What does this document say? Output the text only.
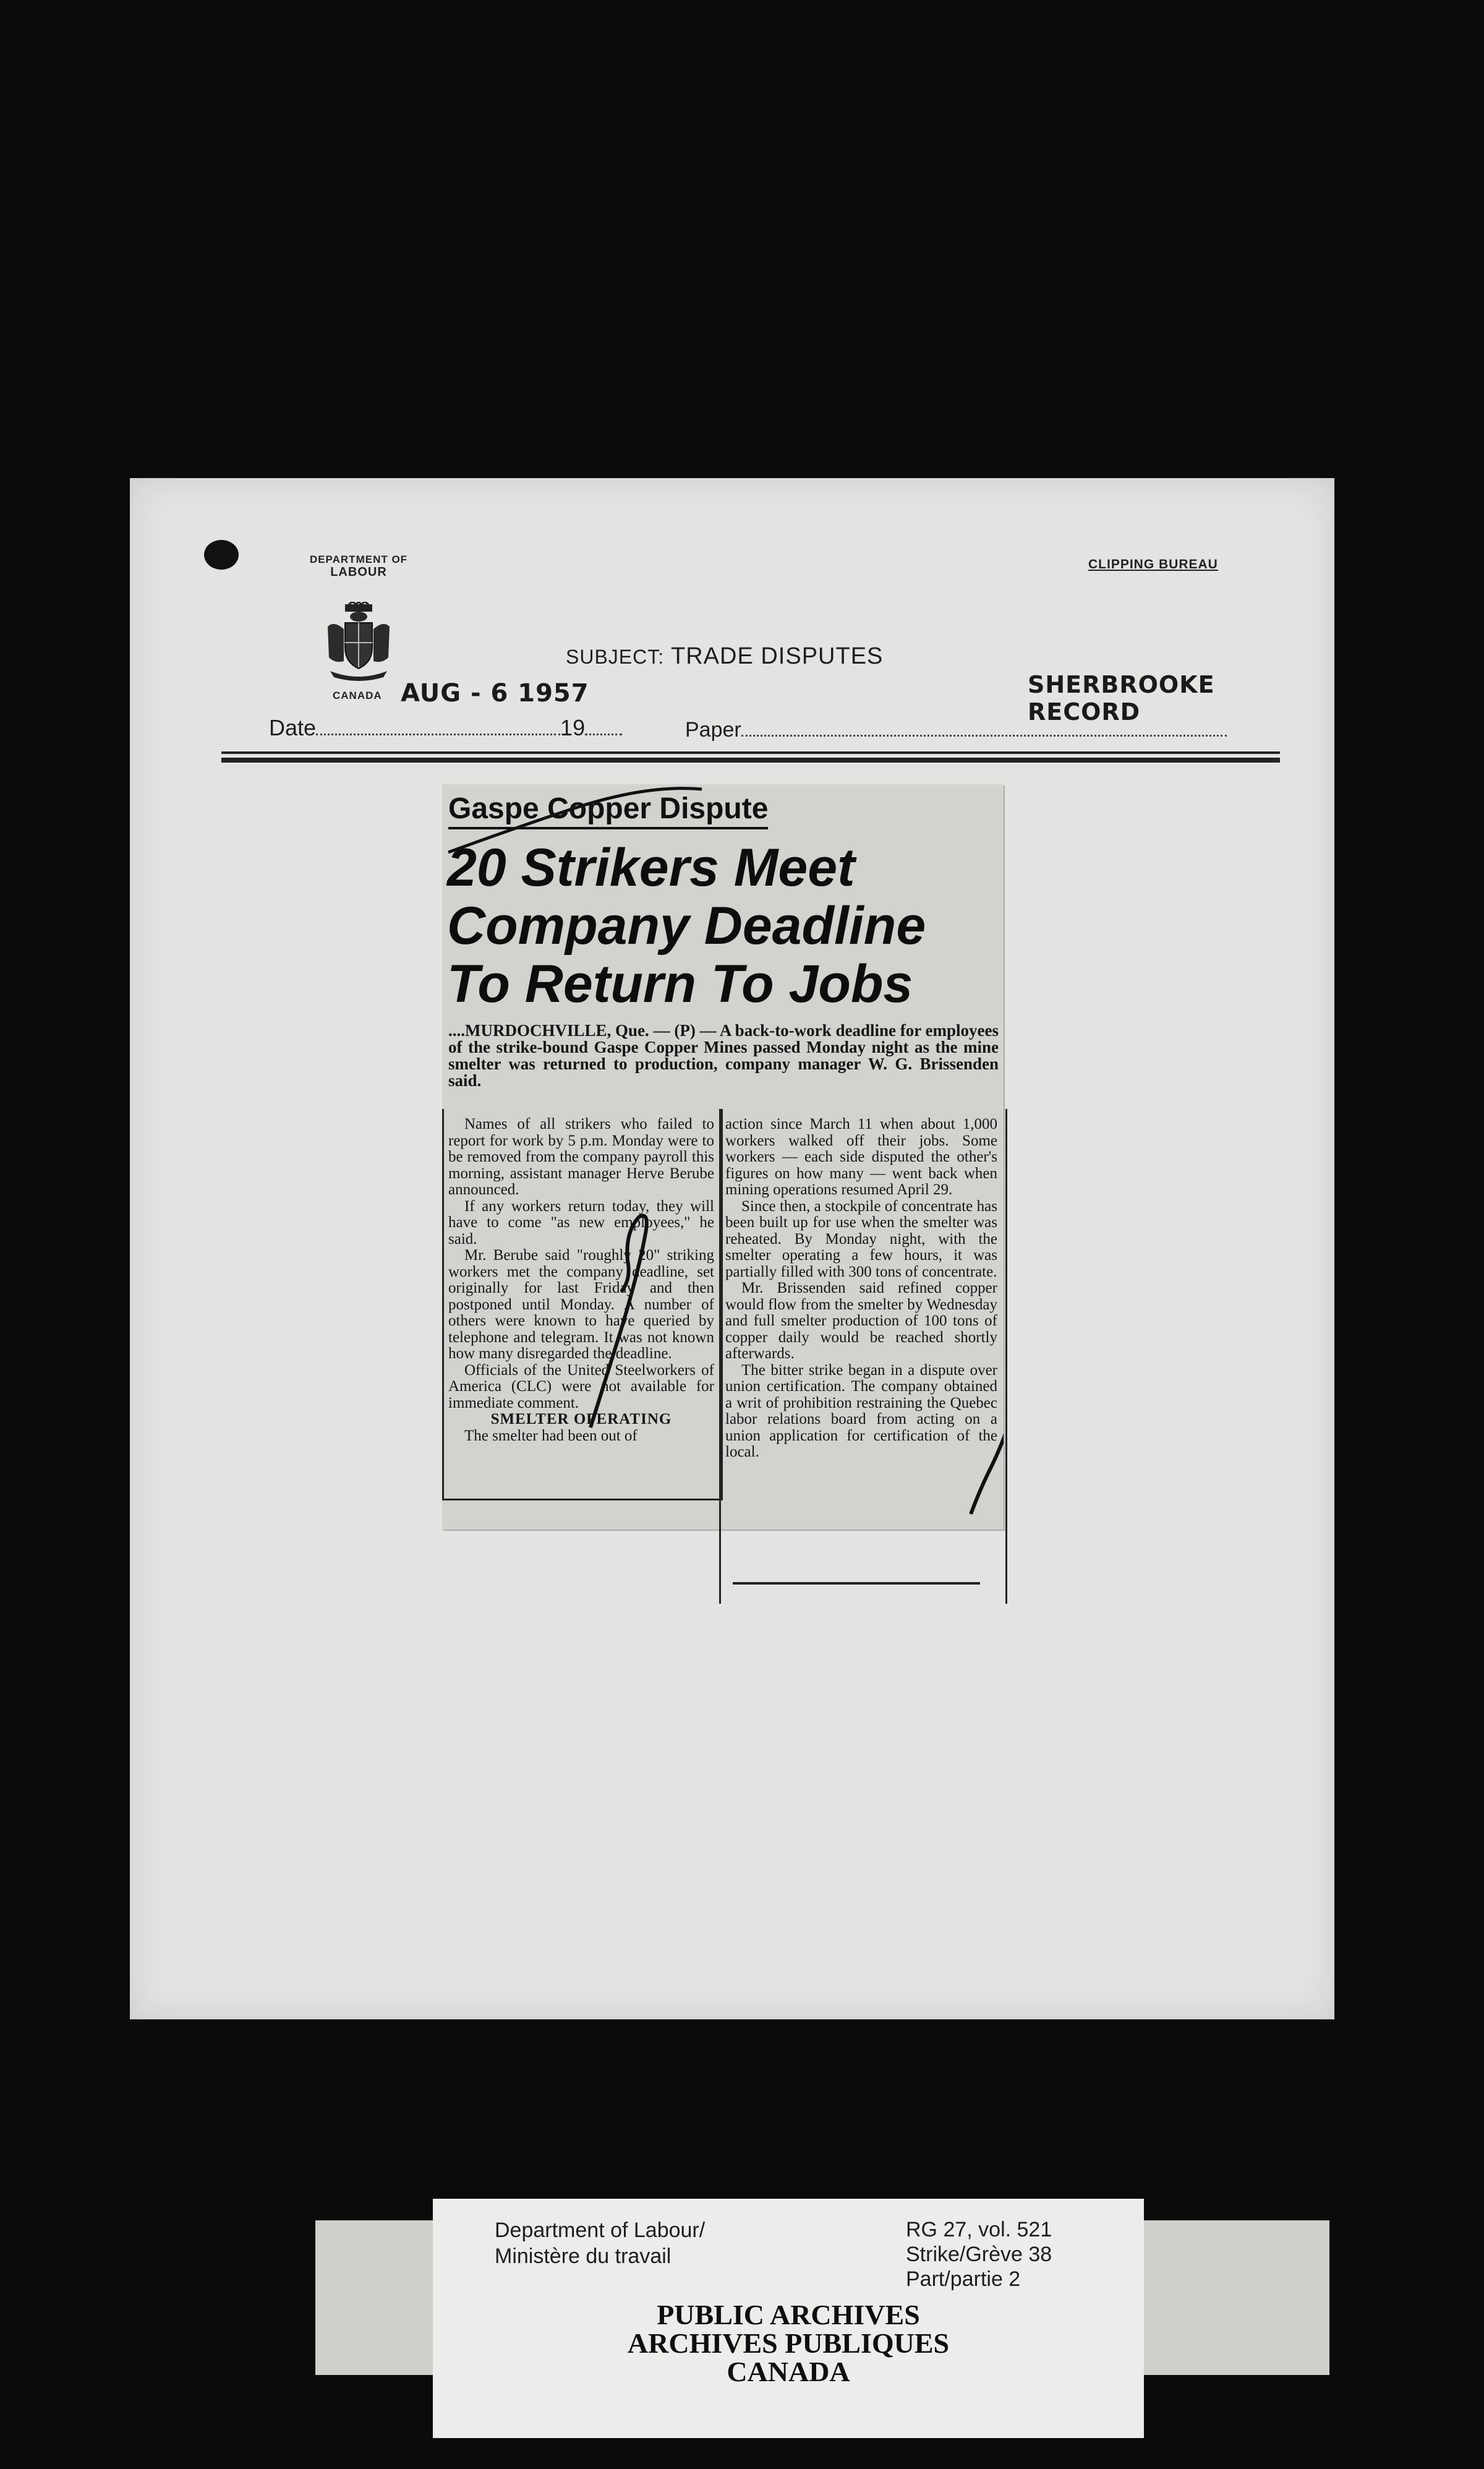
DEPARTMENT OF
LABOUR
CANADA AUG - 6 1957
CLIPPING BUREAU
SUBJECT: TRADE DISPUTES
SHERBROOKE RECORD
Date	19	Paper
Gaspe Copper Dispute
20 Strikers Meet Company Deadline To Return To Jobs
....MURDOCHVILLE, Que. — (P) — A back-to-work deadline for employees of the strike-bound Gaspe Copper Mines passed Monday night as the mine smelter was returned to production, company manager W. G. Brissenden said.

Names of all strikers who failed to report for work by 5 p.m. Monday were to be removed from the company payroll this morning, assistant manager Herve Berube announced.

If any workers return today, they will have to come "as new employees," he said.

Mr. Berube said "roughly 20" striking workers met the company deadline, set originally for last Friday and then postponed until Monday. A number of others were known to have queried by telephone and telegram. It was not known how many disregarded the deadline.

Officials of the United Steelworkers of America (CLC) were not available for immediate comment.

SMELTER OPERATING

The smelter had been out of

action since March 11 when about 1,000 workers walked off their jobs. Some workers — each side disputed the other's figures on how many — went back when mining operations resumed April 29.

Since then, a stockpile of concentrate has been built up for use when the smelter was reheated. By Monday night, with the smelter operating a few hours, it was partially filled with 300 tons of concentrate.

Mr. Brissenden said refined copper would flow from the smelter by Wednesday and full smelter production of 100 tons of copper daily would be reached shortly afterwards.

The bitter strike began in a dispute over union certification. The company obtained a writ of prohibition restraining the Quebec labor relations board from acting on a union application for certification of the local.

Department of Labour/
Ministère du travail
RG 27, vol. 521
Strike/Grève 38
Part/partie 2
PUBLIC ARCHIVES
ARCHIVES PUBLIQUES
CANADA
